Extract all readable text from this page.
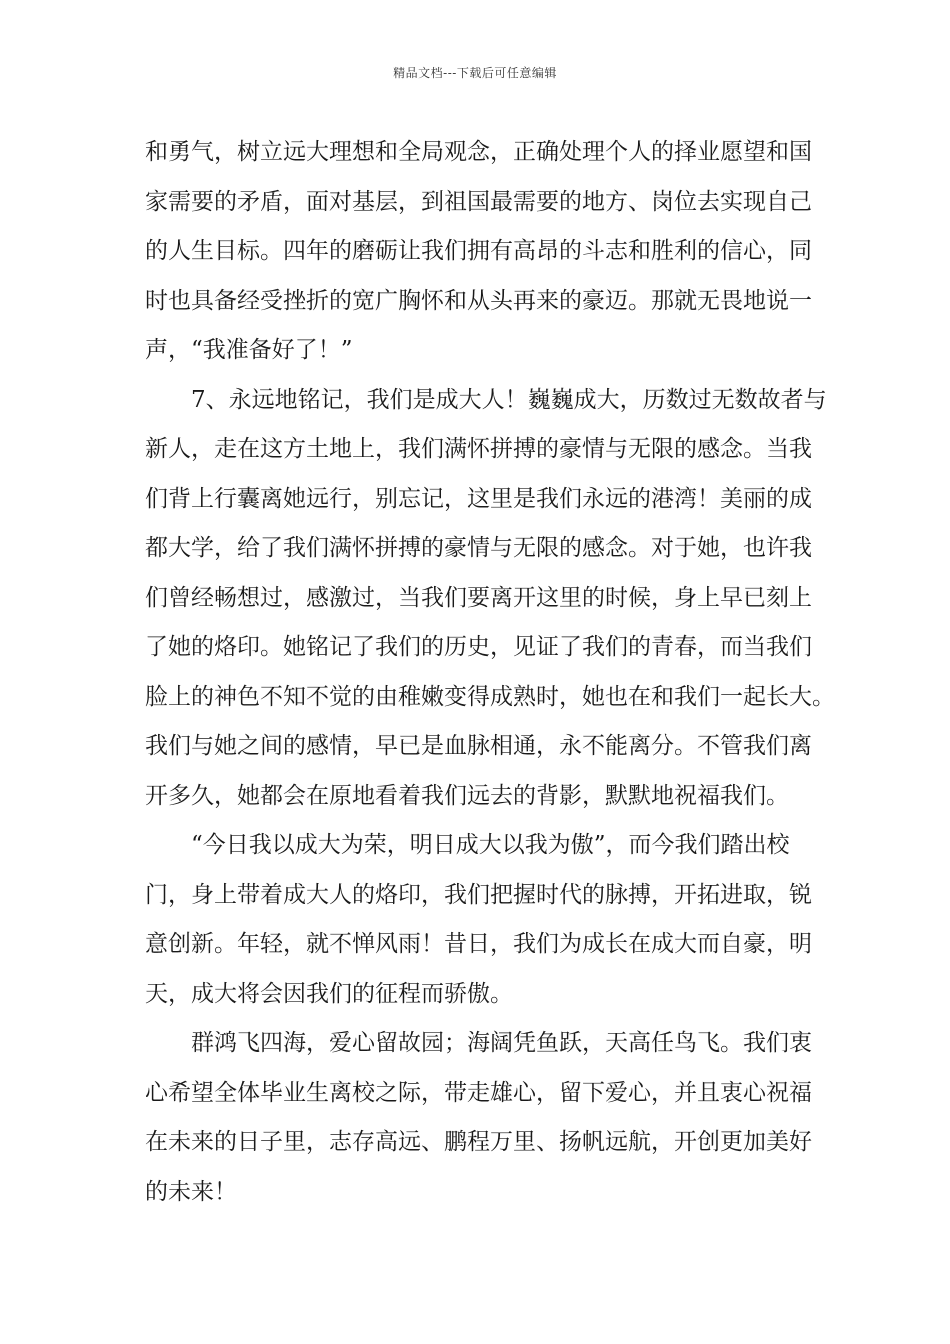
精品文档---下载后可任意编辑
和勇气，树立远大理想和全局观念，正确处理个人的择业愿望和国
家需要的矛盾，面对基层，到祖国最需要的地方、岗位去实现自己
的人生目标。四年的磨砺让我们拥有高昂的斗志和胜利的信心，同
时也具备经受挫折的宽广胸怀和从头再来的豪迈。那就无畏地说一
声，“我准备好了！”
7、永远地铭记，我们是成大人！巍巍成大，历数过无数故者与
新人，走在这方土地上，我们满怀拼搏的豪情与无限的感念。当我
们背上行囊离她远行，别忘记，这里是我们永远的港湾！美丽的成
都大学，给了我们满怀拼搏的豪情与无限的感念。对于她，也许我
们曾经畅想过，感激过，当我们要离开这里的时候，身上早已刻上
了她的烙印。她铭记了我们的历史，见证了我们的青春，而当我们
脸上的神色不知不觉的由稚嫩变得成熟时，她也在和我们一起长大。
我们与她之间的感情，早已是血脉相通，永不能离分。不管我们离
开多久，她都会在原地看着我们远去的背影，默默地祝福我们。
“今日我以成大为荣，明日成大以我为傲”，而今我们踏出校
门，身上带着成大人的烙印，我们把握时代的脉搏，开拓进取，锐
意创新。年轻，就不惮风雨！昔日，我们为成长在成大而自豪，明
天，成大将会因我们的征程而骄傲。
群鸿飞四海，爱心留故园；海阔凭鱼跃，天高任鸟飞。我们衷
心希望全体毕业生离校之际，带走雄心，留下爱心，并且衷心祝福
在未来的日子里，志存高远、鹏程万里、扬帆远航，开创更加美好
的未来！
